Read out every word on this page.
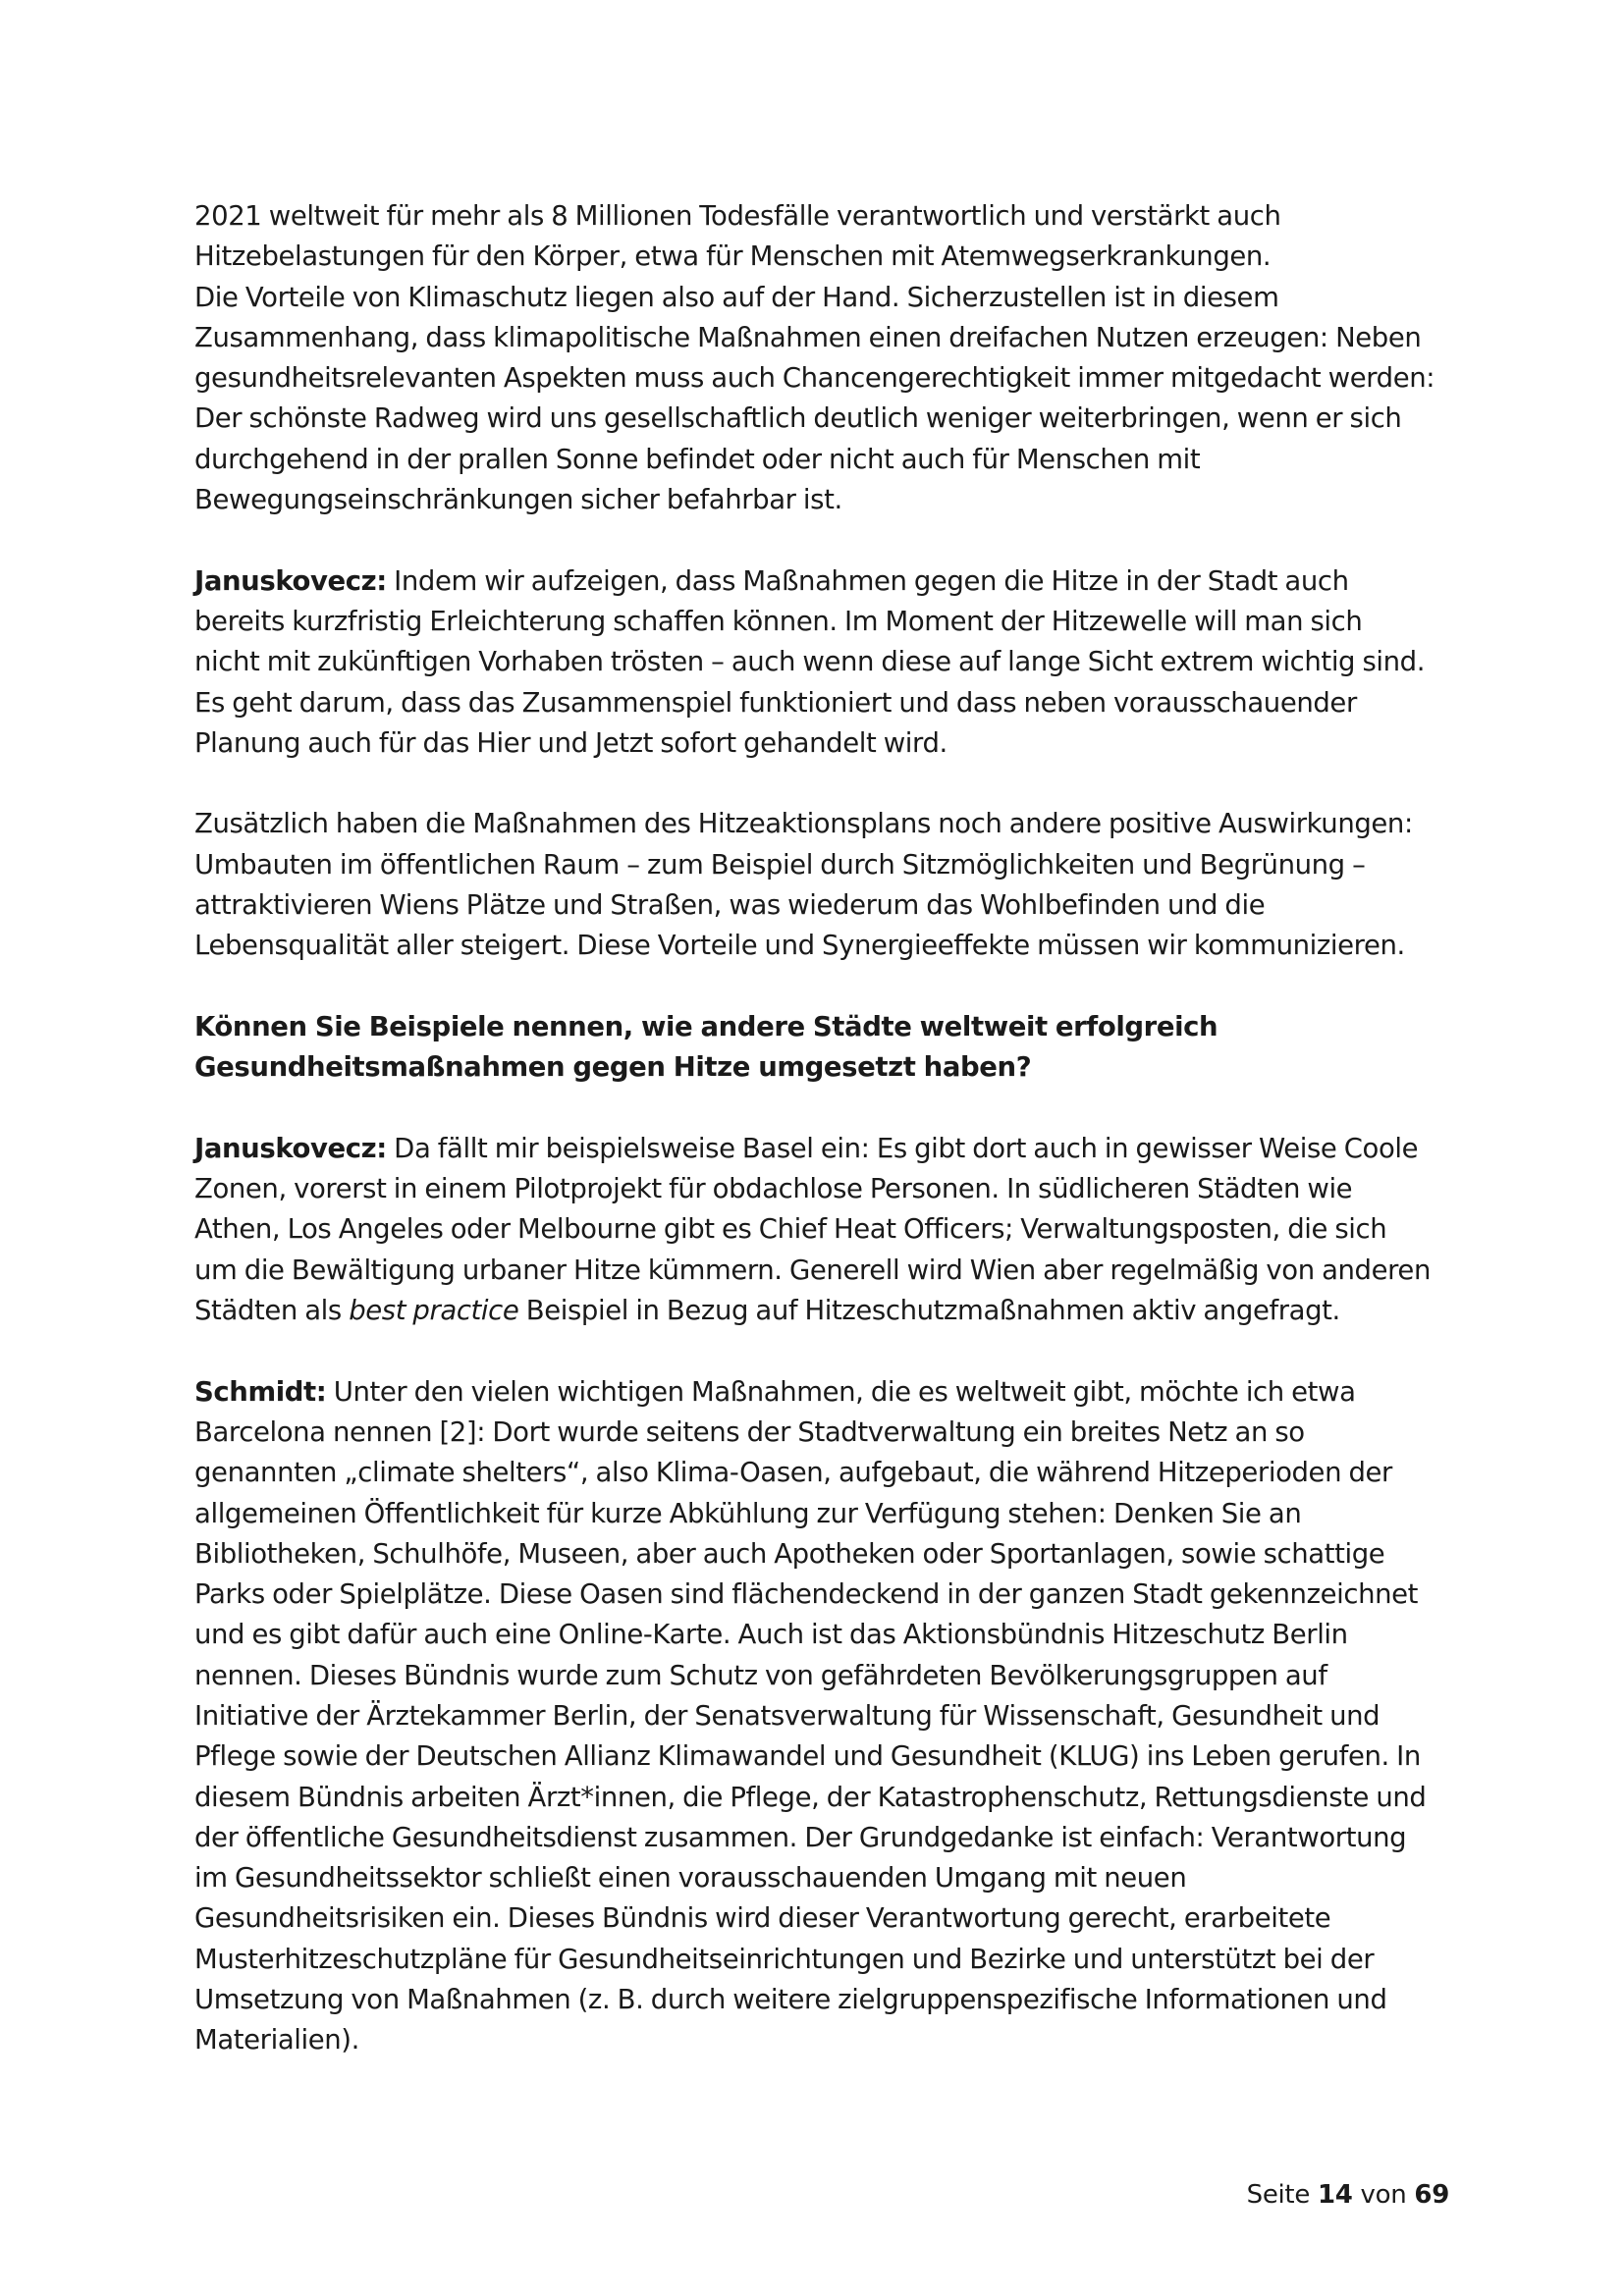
2021 weltweit für mehr als 8 Millionen Todesfälle verantwortlich und verstärkt auch
Hitzebelastungen für den Körper, etwa für Menschen mit Atemwegserkrankungen.
Die Vorteile von Klimaschutz liegen also auf der Hand. Sicherzustellen ist in diesem
Zusammenhang, dass klimapolitische Maßnahmen einen dreifachen Nutzen erzeugen: Neben
gesundheitsrelevanten Aspekten muss auch Chancengerechtigkeit immer mitgedacht werden:
Der schönste Radweg wird uns gesellschaftlich deutlich weniger weiterbringen, wenn er sich
durchgehend in der prallen Sonne befindet oder nicht auch für Menschen mit
Bewegungseinschränkungen sicher befahrbar ist.

Januskovecz: Indem wir aufzeigen, dass Maßnahmen gegen die Hitze in der Stadt auch
bereits kurzfristig Erleichterung schaffen können. Im Moment der Hitzewelle will man sich
nicht mit zukünftigen Vorhaben trösten – auch wenn diese auf lange Sicht extrem wichtig sind.
Es geht darum, dass das Zusammenspiel funktioniert und dass neben vorausschauender
Planung auch für das Hier und Jetzt sofort gehandelt wird.

Zusätzlich haben die Maßnahmen des Hitzeaktionsplans noch andere positive Auswirkungen:
Umbauten im öffentlichen Raum – zum Beispiel durch Sitzmöglichkeiten und Begrünung –
attraktivieren Wiens Plätze und Straßen, was wiederum das Wohlbefinden und die
Lebensqualität aller steigert. Diese Vorteile und Synergieeffekte müssen wir kommunizieren.

Können Sie Beispiele nennen, wie andere Städte weltweit erfolgreich
Gesundheitsmaßnahmen gegen Hitze umgesetzt haben?

Januskovecz: Da fällt mir beispielsweise Basel ein: Es gibt dort auch in gewisser Weise Coole
Zonen, vorerst in einem Pilotprojekt für obdachlose Personen. In südlicheren Städten wie
Athen, Los Angeles oder Melbourne gibt es Chief Heat Officers; Verwaltungsposten, die sich
um die Bewältigung urbaner Hitze kümmern. Generell wird Wien aber regelmäßig von anderen
Städten als best practice Beispiel in Bezug auf Hitzeschutzmaßnahmen aktiv angefragt.

Schmidt: Unter den vielen wichtigen Maßnahmen, die es weltweit gibt, möchte ich etwa
Barcelona nennen [2]: Dort wurde seitens der Stadtverwaltung ein breites Netz an so
genannten „climate shelters“, also Klima-Oasen, aufgebaut, die während Hitzeperioden der
allgemeinen Öffentlichkeit für kurze Abkühlung zur Verfügung stehen: Denken Sie an
Bibliotheken, Schulhöfe, Museen, aber auch Apotheken oder Sportanlagen, sowie schattige
Parks oder Spielplätze. Diese Oasen sind flächendeckend in der ganzen Stadt gekennzeichnet
und es gibt dafür auch eine Online-Karte. Auch ist das Aktionsbündnis Hitzeschutz Berlin
nennen. Dieses Bündnis wurde zum Schutz von gefährdeten Bevölkerungsgruppen auf
Initiative der Ärztekammer Berlin, der Senatsverwaltung für Wissenschaft, Gesundheit und
Pflege sowie der Deutschen Allianz Klimawandel und Gesundheit (KLUG) ins Leben gerufen. In
diesem Bündnis arbeiten Ärzt*innen, die Pflege, der Katastrophenschutz, Rettungsdienste und
der öffentliche Gesundheitsdienst zusammen. Der Grundgedanke ist einfach: Verantwortung
im Gesundheitssektor schließt einen vorausschauenden Umgang mit neuen
Gesundheitsrisiken ein. Dieses Bündnis wird dieser Verantwortung gerecht, erarbeitete
Musterhitzeschutzpläne für Gesundheitseinrichtungen und Bezirke und unterstützt bei der
Umsetzung von Maßnahmen (z. B. durch weitere zielgruppenspezifische Informationen und
Materialien).

Seite 14 von 69
